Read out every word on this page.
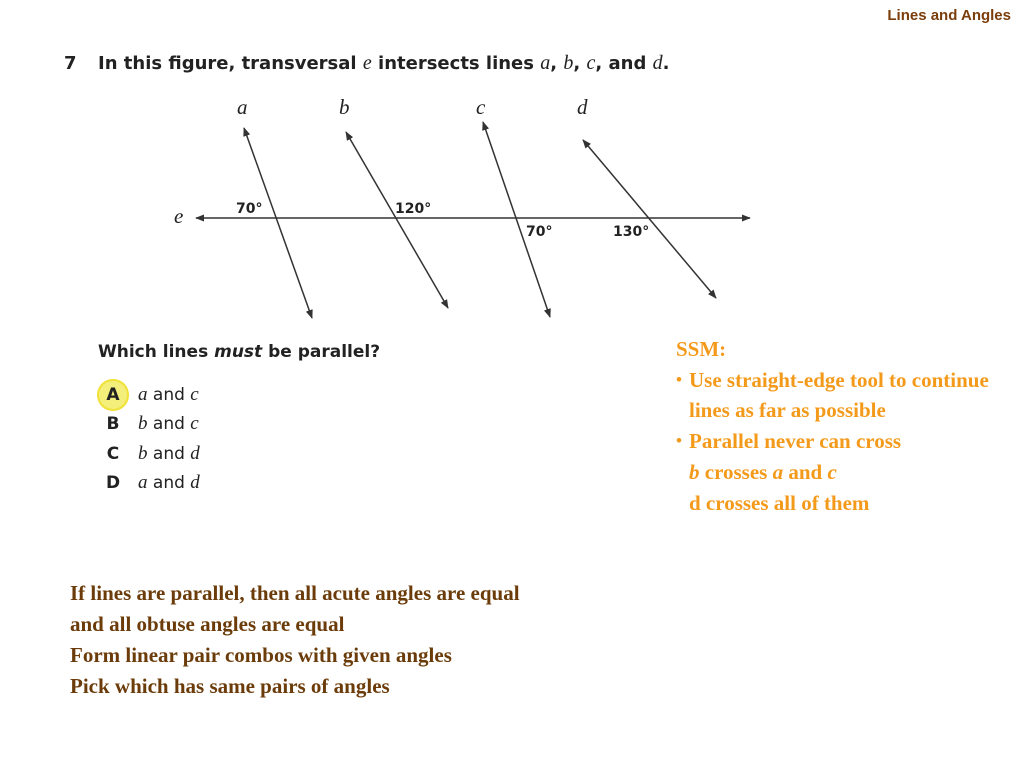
Lines and Angles
7 In this figure, transversal e intersects lines a, b, c, and d.
a	b	c	d
e	70°	120°
70°	130°
Which lines must be parallel?
A a and c
B b and c
C b and d
D a and d
SSM:
• Use straight-edge tool to continue lines as far as possible
• Parallel never can cross
b crosses a and c
d crosses all of them
If lines are parallel, then all acute angles are equal
and all obtuse angles are equal
Form linear pair combos with given angles
Pick which has same pairs of angles
